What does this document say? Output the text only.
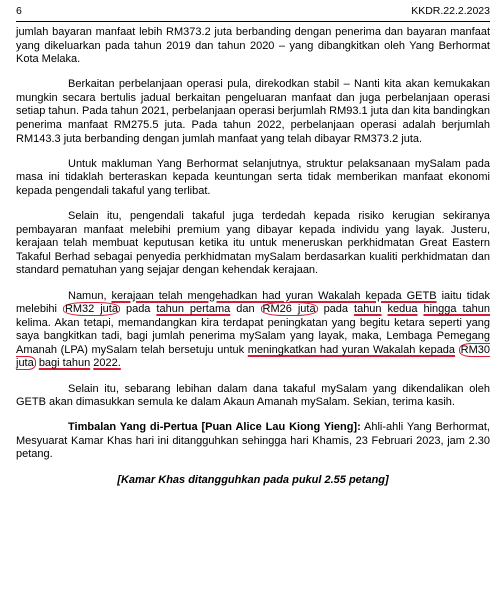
6	KKDR.22.2.2023

jumlah bayaran manfaat lebih RM373.2 juta berbanding dengan penerima dan bayaran manfaat yang dikeluarkan pada tahun 2019 dan tahun 2020 – yang dibangkitkan oleh Yang Berhormat Kota Melaka.

Berkaitan perbelanjaan operasi pula, direkodkan stabil – Nanti kita akan kemukakan mungkin secara bertulis jadual berkaitan pengeluaran manfaat dan juga perbelanjaan operasi setiap tahun. Pada tahun 2021, perbelanjaan operasi berjumlah RM93.1 juta dan kita bandingkan penerima manfaat RM275.5 juta. Pada tahun 2022, perbelanjaan operasi adalah berjumlah RM143.3 juta berbanding dengan jumlah manfaat yang telah dibayar RM373.2 juta.

Untuk makluman Yang Berhormat selanjutnya, struktur pelaksanaan mySalam pada masa ini tidaklah berteraskan kepada keuntungan serta tidak memberikan manfaat ekonomi kepada pengendali takaful yang terlibat.

Selain itu, pengendali takaful juga terdedah kepada risiko kerugian sekiranya pembayaran manfaat melebihi premium yang dibayar kepada individu yang layak. Justeru, kerajaan telah membuat keputusan ketika itu untuk meneruskan perkhidmatan Great Eastern Takaful Berhad sebagai penyedia perkhidmatan mySalam berdasarkan kualiti perkhidmatan dan standard pematuhan yang sejajar dengan kehendak kerajaan.

Namun, kerajaan telah mengehadkan had yuran Wakalah kepada GETB iaitu tidak melebihi RM32 juta pada tahun pertama dan RM26 juta pada tahun kedua hingga tahun kelima. Akan tetapi, memandangkan kira terdapat peningkatan yang begitu ketara seperti yang saya bangkitkan tadi, bagi jumlah penerima mySalam yang layak, maka, Lembaga Pemegang Amanah (LPA) mySalam telah bersetuju untuk meningkatkan had yuran Wakalah kepada RM30 juta bagi tahun 2022.

Selain itu, sebarang lebihan dalam dana takaful mySalam yang dikendalikan oleh GETB akan dimasukkan semula ke dalam Akaun Amanah mySalam. Sekian, terima kasih.

Timbalan Yang di-Pertua [Puan Alice Lau Kiong Yieng]: Ahli-ahli Yang Berhormat, Mesyuarat Kamar Khas hari ini ditangguhkan sehingga hari Khamis, 23 Februari 2023, jam 2.30 petang.

[Kamar Khas ditangguhkan pada pukul 2.55 petang]
